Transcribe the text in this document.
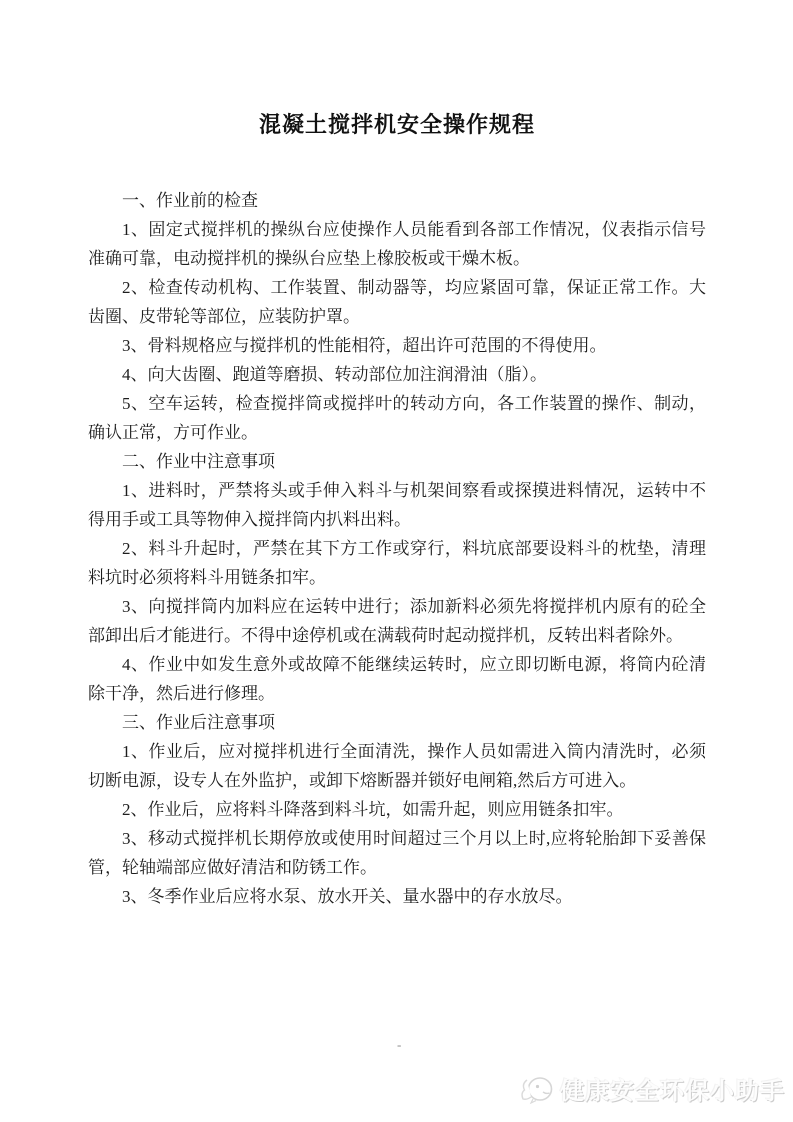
混凝土搅拌机安全操作规程

一、作业前的检查

1、固定式搅拌机的操纵台应使操作人员能看到各部工作情况，仪表指示信号准确可靠，电动搅拌机的操纵台应垫上橡胶板或干燥木板。

2、检查传动机构、工作装置、制动器等，均应紧固可靠，保证正常工作。大齿圈、皮带轮等部位，应装防护罩。

3、骨料规格应与搅拌机的性能相符，超出许可范围的不得使用。

4、向大齿圈、跑道等磨损、转动部位加注润滑油（脂）。

5、空车运转，检查搅拌筒或搅拌叶的转动方向，各工作装置的操作、制动，确认正常，方可作业。

二、作业中注意事项

1、进料时，严禁将头或手伸入料斗与机架间察看或探摸进料情况，运转中不得用手或工具等物伸入搅拌筒内扒料出料。

2、料斗升起时，严禁在其下方工作或穿行，料坑底部要设料斗的枕垫，清理料坑时必须将料斗用链条扣牢。

3、向搅拌筒内加料应在运转中进行；添加新料必须先将搅拌机内原有的砼全部卸出后才能进行。不得中途停机或在满载荷时起动搅拌机，反转出料者除外。

4、作业中如发生意外或故障不能继续运转时，应立即切断电源，将筒内砼清除干净，然后进行修理。

三、作业后注意事项

1、作业后，应对搅拌机进行全面清洗，操作人员如需进入筒内清洗时，必须切断电源，设专人在外监护，或卸下熔断器并锁好电闸箱,然后方可进入。

2、作业后，应将料斗降落到料斗坑，如需升起，则应用链条扣牢。

3、移动式搅拌机长期停放或使用时间超过三个月以上时,应将轮胎卸下妥善保管，轮轴端部应做好清洁和防锈工作。

3、冬季作业后应将水泵、放水开关、量水器中的存水放尽。

-
健康安全环保小助手
